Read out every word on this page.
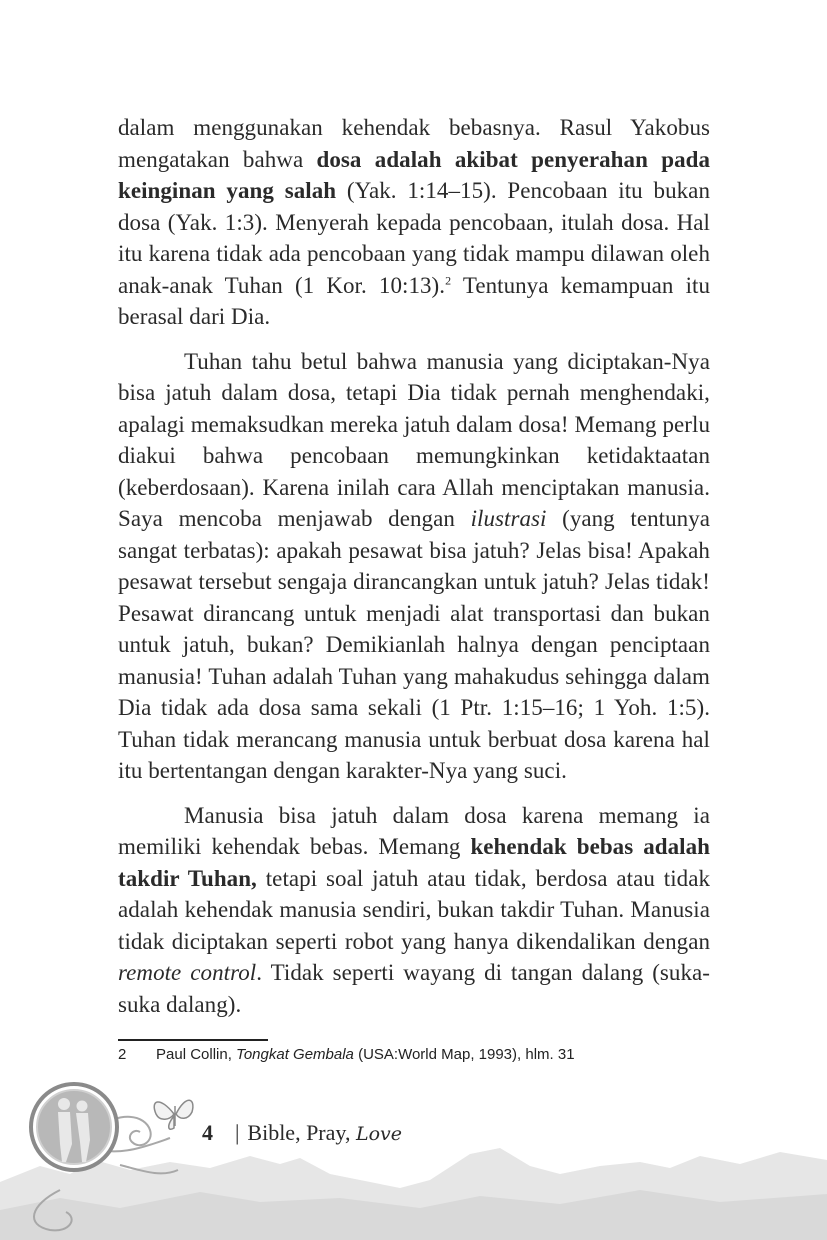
dalam menggunakan kehendak bebasnya. Rasul Yakobus mengatakan bahwa dosa adalah akibat penyerahan pada keinginan yang salah (Yak. 1:14–15). Pencobaan itu bukan dosa (Yak. 1:3). Menyerah kepada pencobaan, itulah dosa. Hal itu karena tidak ada pencobaan yang tidak mampu dilawan oleh anak-anak Tuhan (1 Kor. 10:13).$^2$ Tentunya kemampuan itu berasal dari Dia.

Tuhan tahu betul bahwa manusia yang diciptakan-Nya bisa jatuh dalam dosa, tetapi Dia tidak pernah menghendaki, apalagi memaksudkan mereka jatuh dalam dosa! Memang perlu diakui bahwa pencobaan memungkinkan ketidaktaatan (keberdosaan). Karena inilah cara Allah menciptakan manusia. Saya mencoba menjawab dengan ilustrasi (yang tentunya sangat terbatas): apakah pesawat bisa jatuh? Jelas bisa! Apakah pesawat tersebut sengaja dirancangkan untuk jatuh? Jelas tidak! Pesawat dirancang untuk menjadi alat transportasi dan bukan untuk jatuh, bukan? Demikianlah halnya dengan penciptaan manusia! Tuhan adalah Tuhan yang mahakudus sehingga dalam Dia tidak ada dosa sama sekali (1 Ptr. 1:15–16; 1 Yoh. 1:5). Tuhan tidak merancang manusia untuk berbuat dosa karena hal itu bertentangan dengan karakter-Nya yang suci.

Manusia bisa jatuh dalam dosa karena memang ia memiliki kehendak bebas. Memang kehendak bebas adalah takdir Tuhan, tetapi soal jatuh atau tidak, berdosa atau tidak adalah kehendak manusia sendiri, bukan takdir Tuhan. Manusia tidak diciptakan seperti robot yang hanya dikendalikan dengan remote control. Tidak seperti wayang di tangan dalang (suka-suka dalang).

2 Paul Collin, Tongkat Gembala (USA:World Map, 1993), hlm. 31
4 | Bible, Pray, Love
